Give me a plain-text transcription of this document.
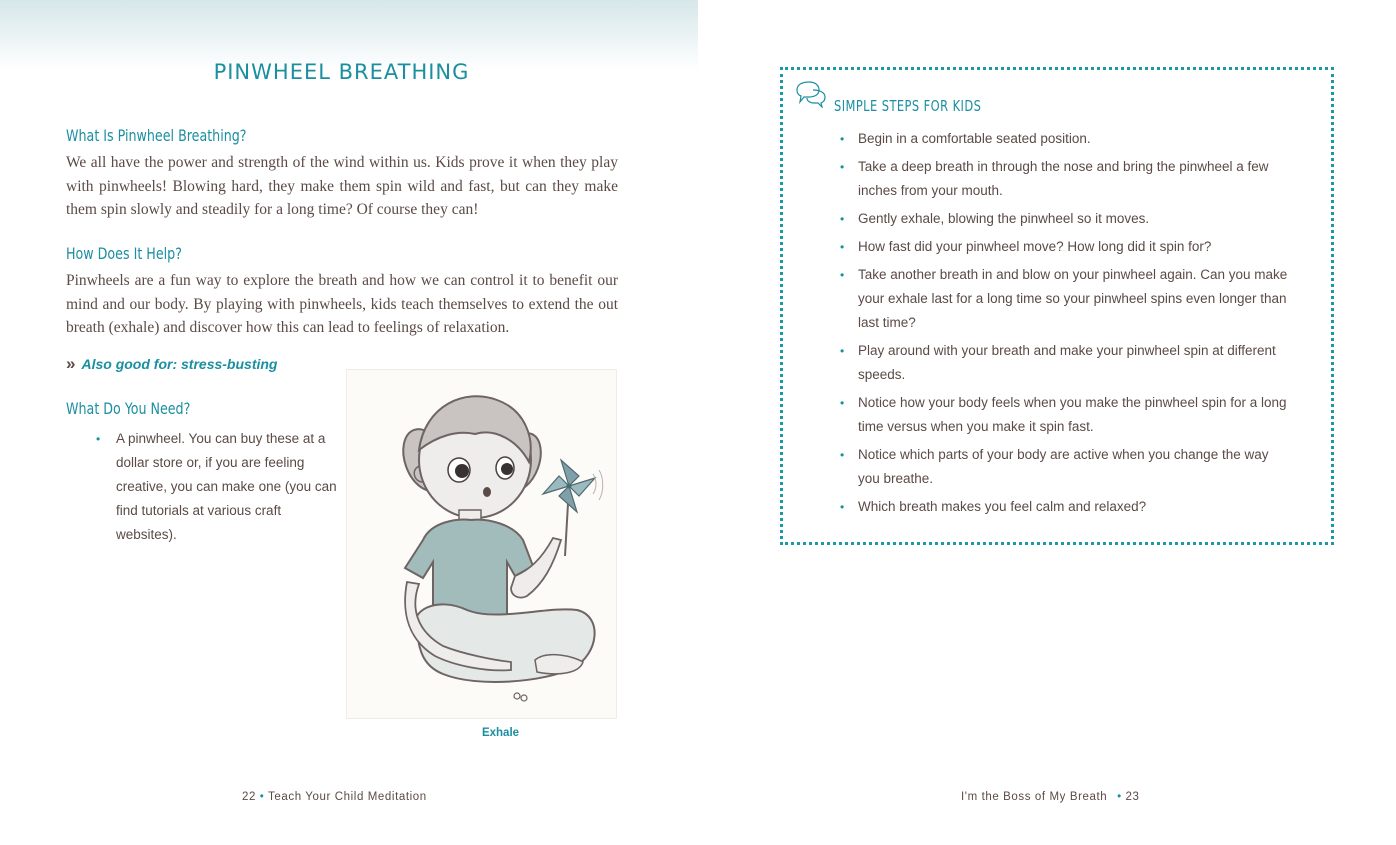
PINWHEEL BREATHING
What Is Pinwheel Breathing?

We all have the power and strength of the wind within us. Kids prove it when they play with pinwheels! Blowing hard, they make them spin wild and fast, but can they make them spin slowly and steadily for a long time? Of course they can!

How Does It Help?

Pinwheels are a fun way to explore the breath and how we can control it to benefit our mind and our body. By playing with pinwheels, kids teach themselves to extend the out breath (exhale) and discover how this can lead to feelings of relaxation.

» Also good for: stress-busting
What Do You Need?
• A pinwheel. You can buy these at a dollar store or, if you are feeling creative, you can make one (you can find tutorials at various craft websites).
Exhale
22 • Teach Your Child Meditation
SIMPLE STEPS FOR KIDS
• Begin in a comfortable seated position.
• Take a deep breath in through the nose and bring the pinwheel a few inches from your mouth.
• Gently exhale, blowing the pinwheel so it moves.
• How fast did your pinwheel move? How long did it spin for?
• Take another breath in and blow on your pinwheel again. Can you make your exhale last for a long time so your pinwheel spins even longer than last time?
• Play around with your breath and make your pinwheel spin at different speeds.
• Notice how your body feels when you make the pinwheel spin for a long time versus when you make it spin fast.
• Notice which parts of your body are active when you change the way you breathe.
• Which breath makes you feel calm and relaxed?
I'm the Boss of My Breath • 23
